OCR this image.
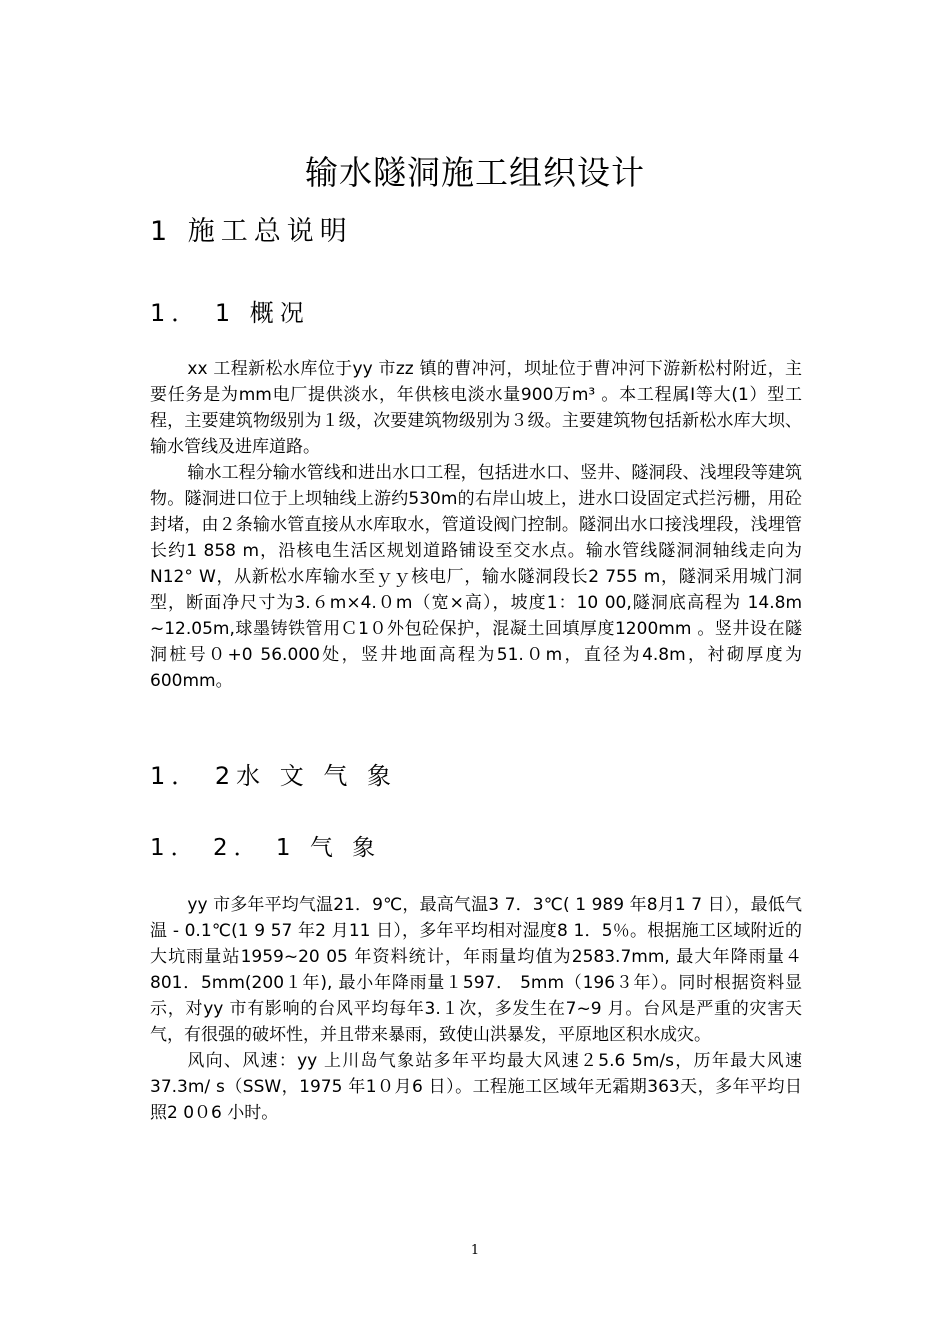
输水隧洞施工组织设计
1 施工总说明
1． 1 概况

xx 工程新松水库位于yy 市zz 镇的曹冲河，坝址位于曹冲河下游新松村附近，主要任务是为mm电厂提供淡水，年供核电淡水量900万m³ 。本工程属Ⅰ等大(1）型工程，主要建筑物级别为１级，次要建筑物级别为３级。主要建筑物包括新松水库大坝、输水管线及进库道路。

输水工程分输水管线和进出水口工程，包括进水口、竖井、隧洞段、浅埋段等建筑物。隧洞进口位于上坝轴线上游约530m的右岸山坡上，进水口设固定式拦污栅，用砼封堵，由２条输水管直接从水库取水，管道设阀门控制。隧洞出水口接浅埋段，浅埋管长约1 858 m，沿核电生活区规划道路铺设至交水点。输水管线隧洞洞轴线走向为N12° W，从新松水库输水至ｙｙ核电厂，输水隧洞段长2 755 m，隧洞采用城门洞型，断面净尺寸为3.６m×4.０m（宽×高），坡度1：10 00,隧洞底高程为 14.8m ~12.05m,球墨铸铁管用Ｃ1０外包砼保护，混凝土回填厚度1200mm 。竖井设在隧洞桩号０+0 56.000处，竖井地面高程为51.０m，直径为4.8m，衬砌厚度为600mm。

1． 2水 文 气 象
1． 2． 1 气 象

yy 市多年平均气温21．9℃，最高气温3 7．3℃( 1 989 年8月1 7 日），最低气温 - 0.1℃(1 9 57 年2 月11 日），多年平均相对湿度8 1．5％。根据施工区域附近的大坑雨量站1959~20 05 年资料统计，年雨量均值为2583.7mm, 最大年降雨量４801．5mm(200１年), 最小年降雨量１597． 5mm（196３年）。同时根据资料显示，对yy 市有影响的台风平均每年3.１次，多发生在7~9 月。台风是严重的灾害天气，有很强的破坏性，并且带来暴雨，致使山洪暴发，平原地区积水成灾。

风向、风速：yy 上川岛气象站多年平均最大风速２5.6 5m/s，历年最大风速37.3m/ s（SSW，1975 年1０月6 日）。工程施工区域年无霜期363天，多年平均日照2 0０6 小时。

1
